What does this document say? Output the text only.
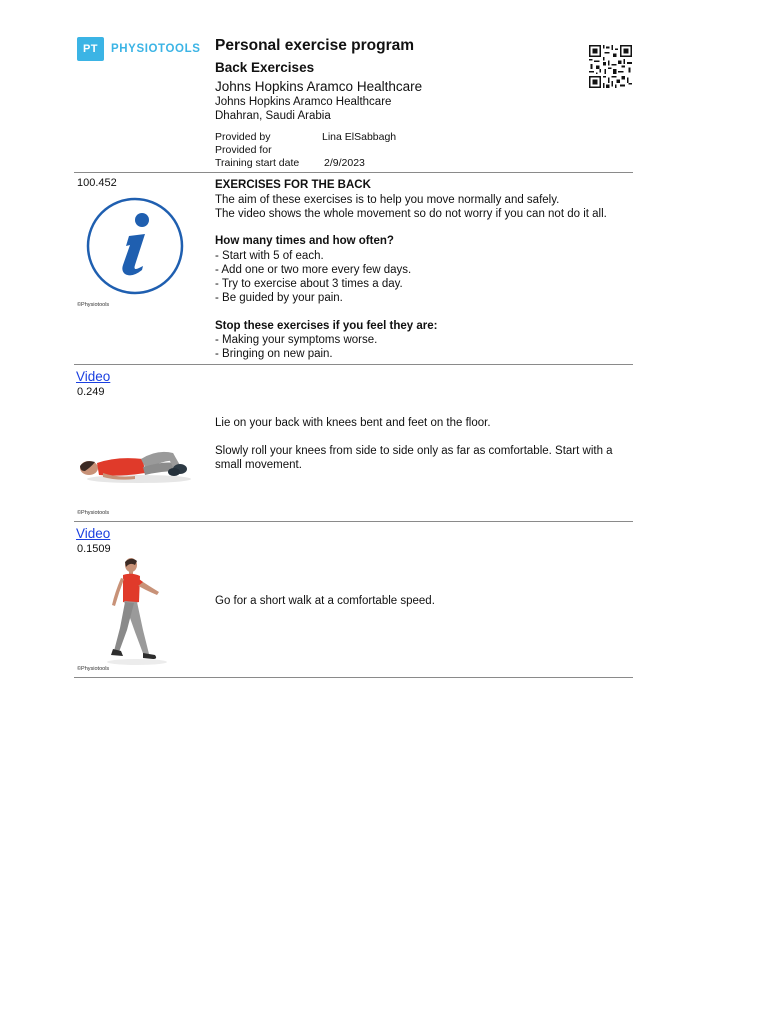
PT	PHYSIOTOOLS Personal exercise program
Back Exercises
Johns Hopkins Aramco Healthcare
Johns Hopkins Aramco Healthcare
Dhahran, Saudi Arabia
Provided by	Lina ElSabbagh
Provided for
Training start date 2/9/2023
100.452
©Physiotools
EXERCISES FOR THE BACK
The aim of these exercises is to help you move normally and safely.
The video shows the whole movement so do not worry if you can not do it all.
How many times and how often?
- Start with 5 of each.
- Add one or two more every few days.
- Try to exercise about 3 times a day.
- Be guided by your pain.
Stop these exercises if you feel they are:
- Making your symptoms worse.
- Bringing on new pain.
Video
0.249
©Physiotools
Lie on your back with knees bent and feet on the floor.
Slowly roll your knees from side to side only as far as comfortable. Start with a
small movement.
Video
0.1509
©Physiotools
Go for a short walk at a comfortable speed.
